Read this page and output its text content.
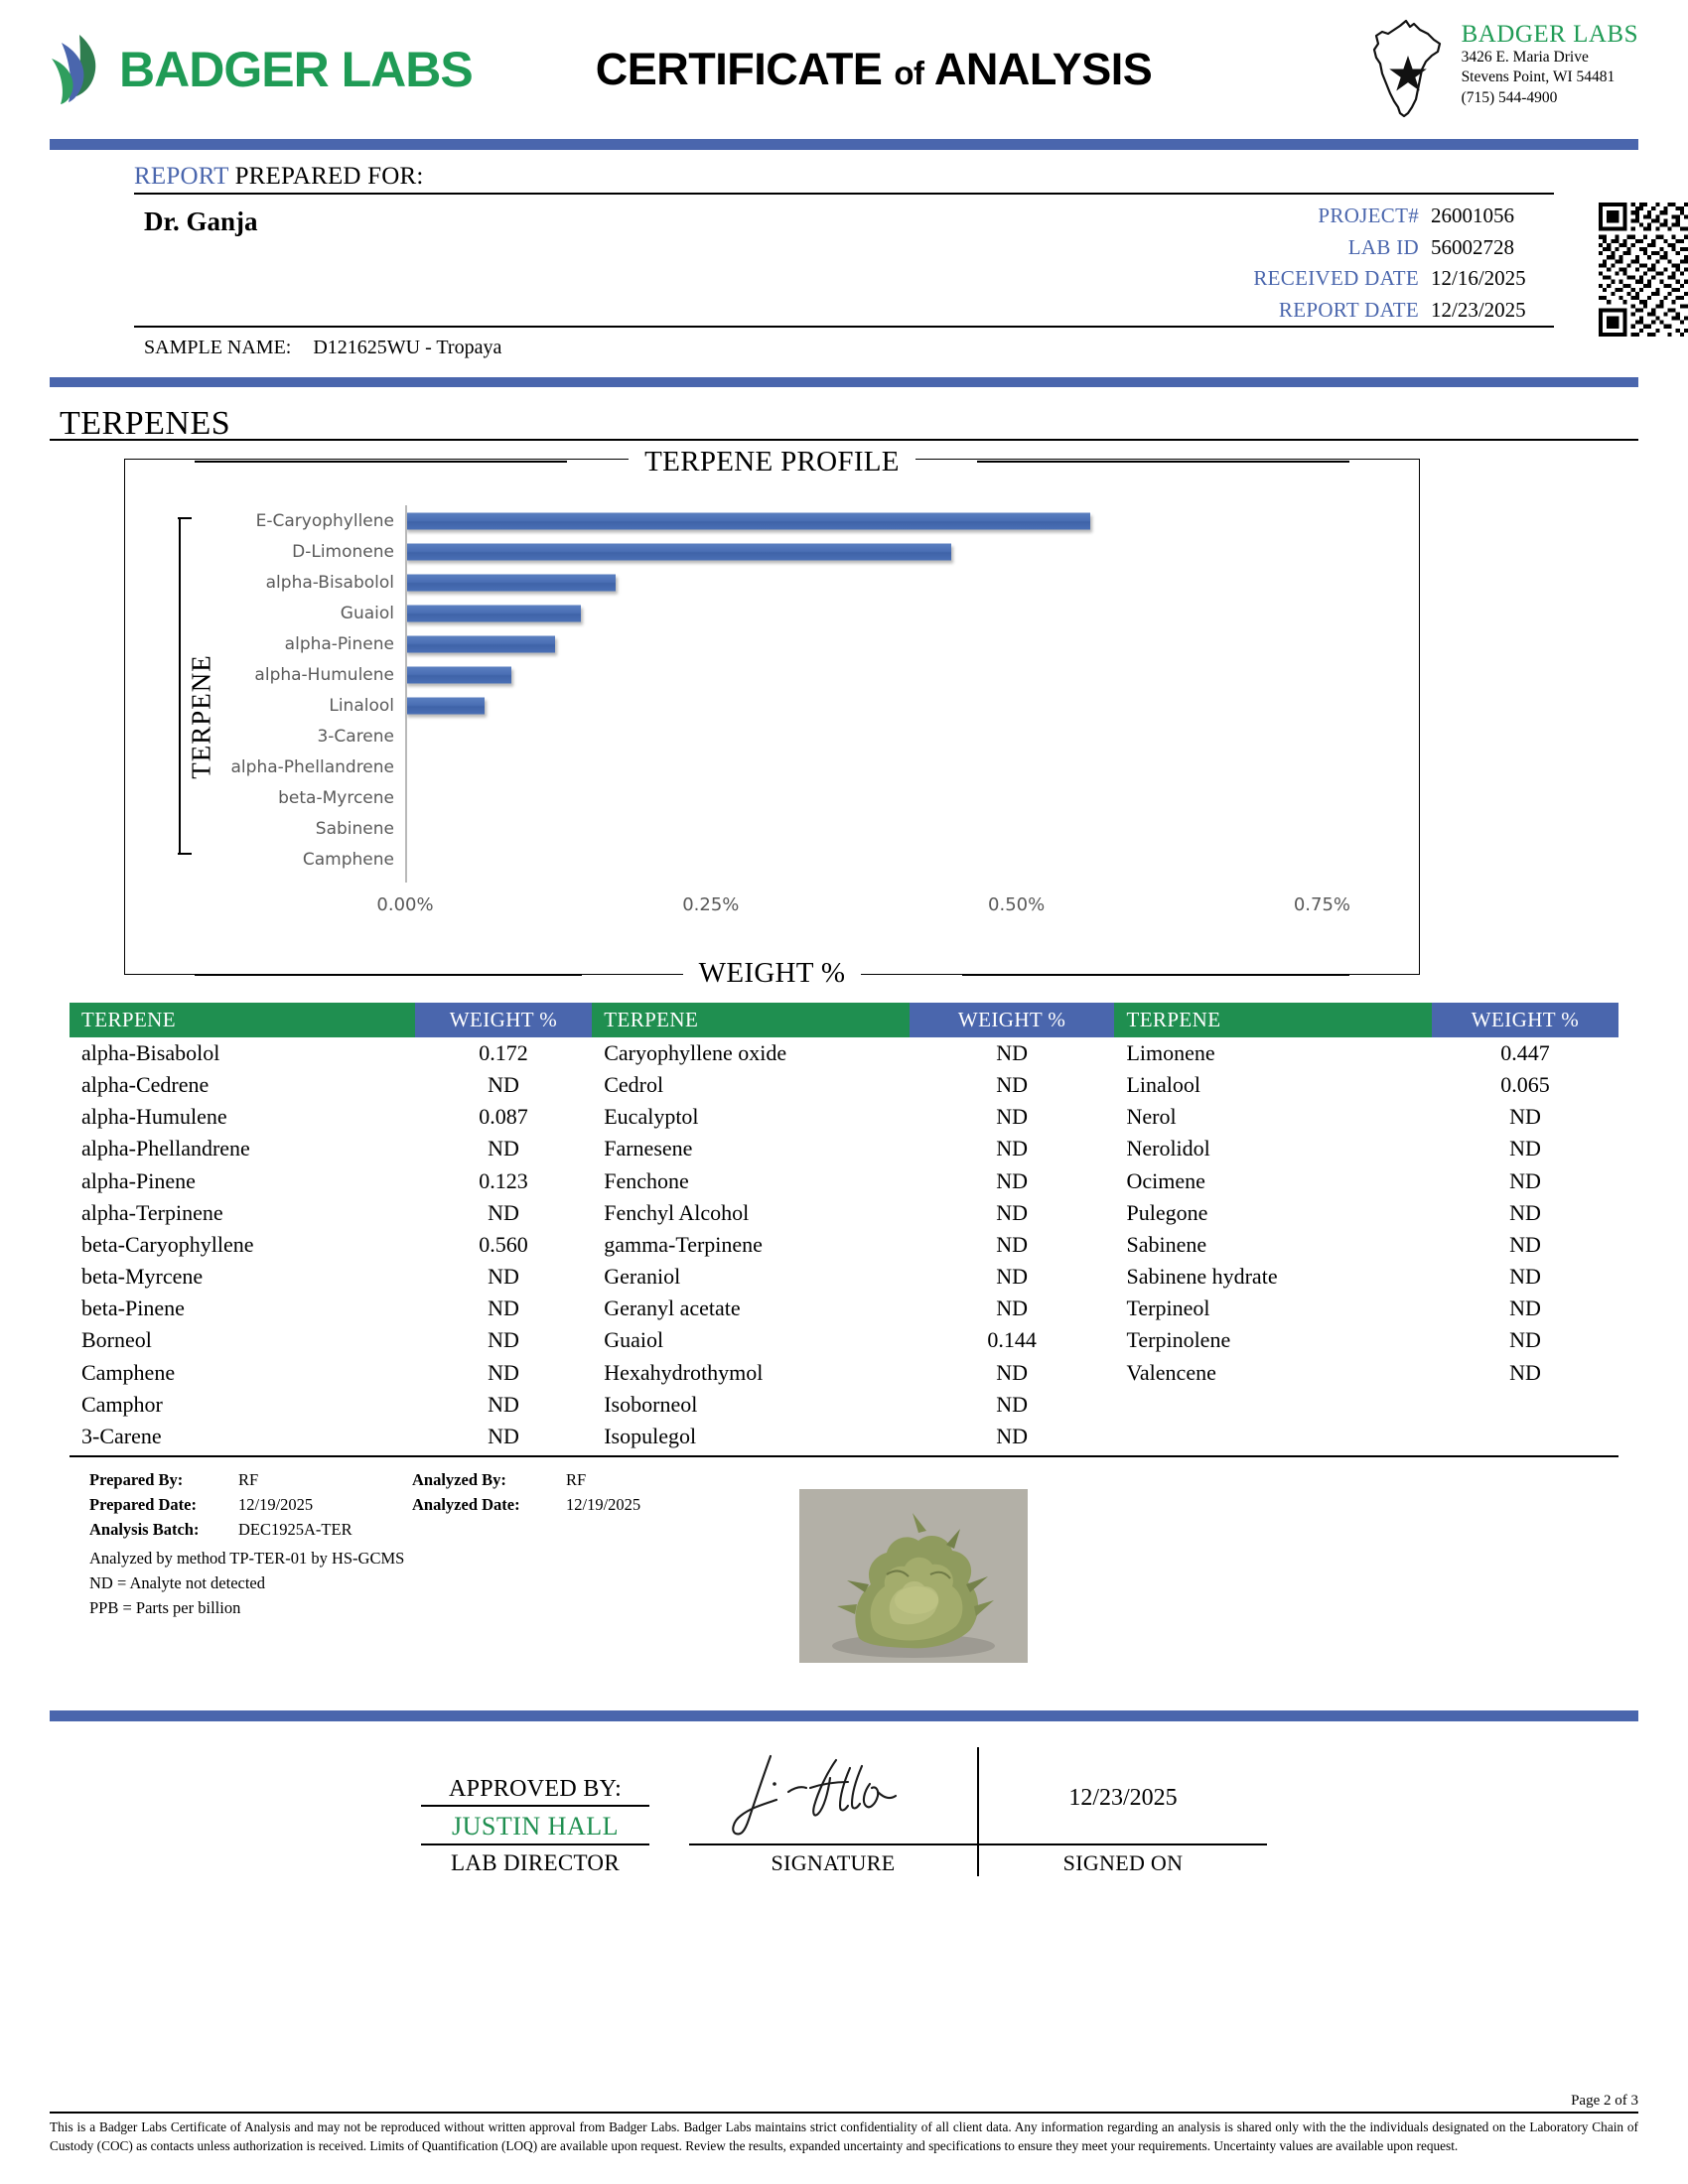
BADGER LABS	CERTIFICATE of ANALYSIS
BADGER LABS
3426 E. Maria Drive
Stevens Point, WI 54481
(715) 544-4900
REPORT PREPARED FOR:
Dr. Ganja	PROJECT# 26001056
LAB ID 56002728
RECEIVED DATE 12/16/2025
REPORT DATE 12/23/2025
SAMPLE NAME: D121625WU - Tropaya
TERPENES
TERPENE PROFILE
TERPENE
E-Caryophyllene
D-Limonene
alpha-Bisabolol
Guaiol
alpha-Pinene
alpha-Humulene
Linalool
3-Carene
alpha-Phellandrene
beta-Myrcene
Sabinene
Camphene
0.00%	0.25%	0.50%	0.75%
WEIGHT %
TERPENE	WEIGHT %	TERPENE	WEIGHT %	TERPENE	WEIGHT %
alpha-Bisabolol	0.172	Caryophyllene oxide	ND	Limonene	0.447
alpha-Cedrene	ND	Cedrol	ND	Linalool	0.065
alpha-Humulene	0.087	Eucalyptol	ND	Nerol	ND
alpha-Phellandrene	ND	Farnesene	ND	Nerolidol	ND
alpha-Pinene	0.123	Fenchone	ND	Ocimene	ND
alpha-Terpinene	ND	Fenchyl Alcohol	ND	Pulegone	ND
beta-Caryophyllene	0.560	gamma-Terpinene	ND	Sabinene	ND
beta-Myrcene	ND	Geraniol	ND	Sabinene hydrate	ND
beta-Pinene	ND	Geranyl acetate	ND	Terpineol	ND
Borneol	ND	Guaiol	0.144	Terpinolene	ND
Camphene	ND	Hexahydrothymol	ND	Valencene	ND
Camphor	ND	Isoborneol	ND		
3-Carene	ND	Isopulegol	ND		
Prepared By:	RF	Analyzed By:	RF
Prepared Date:	12/19/2025	Analyzed Date:	12/19/2025
Analysis Batch:	DEC1925A-TER
Analyzed by method TP-TER-01 by HS-GCMS
ND = Analyte not detected
PPB = Parts per billion
APPROVED BY:
JUSTIN HALL
LAB DIRECTOR	SIGNATURE
12/23/2025
SIGNED ON
Page 2 of 3
This is a Badger Labs Certificate of Analysis and may not be reproduced without written approval from Badger Labs. Badger Labs maintains strict confidentiality of all client data. Any information regarding an analysis is shared only with the the individuals designated on the Laboratory Chain of Custody (COC) as contacts unless authorization is received. Limits of Quantification (LOQ) are available upon request. Review the results, expanded uncertainty and specifications to ensure they meet your requirements. Uncertainty values are available upon request.
